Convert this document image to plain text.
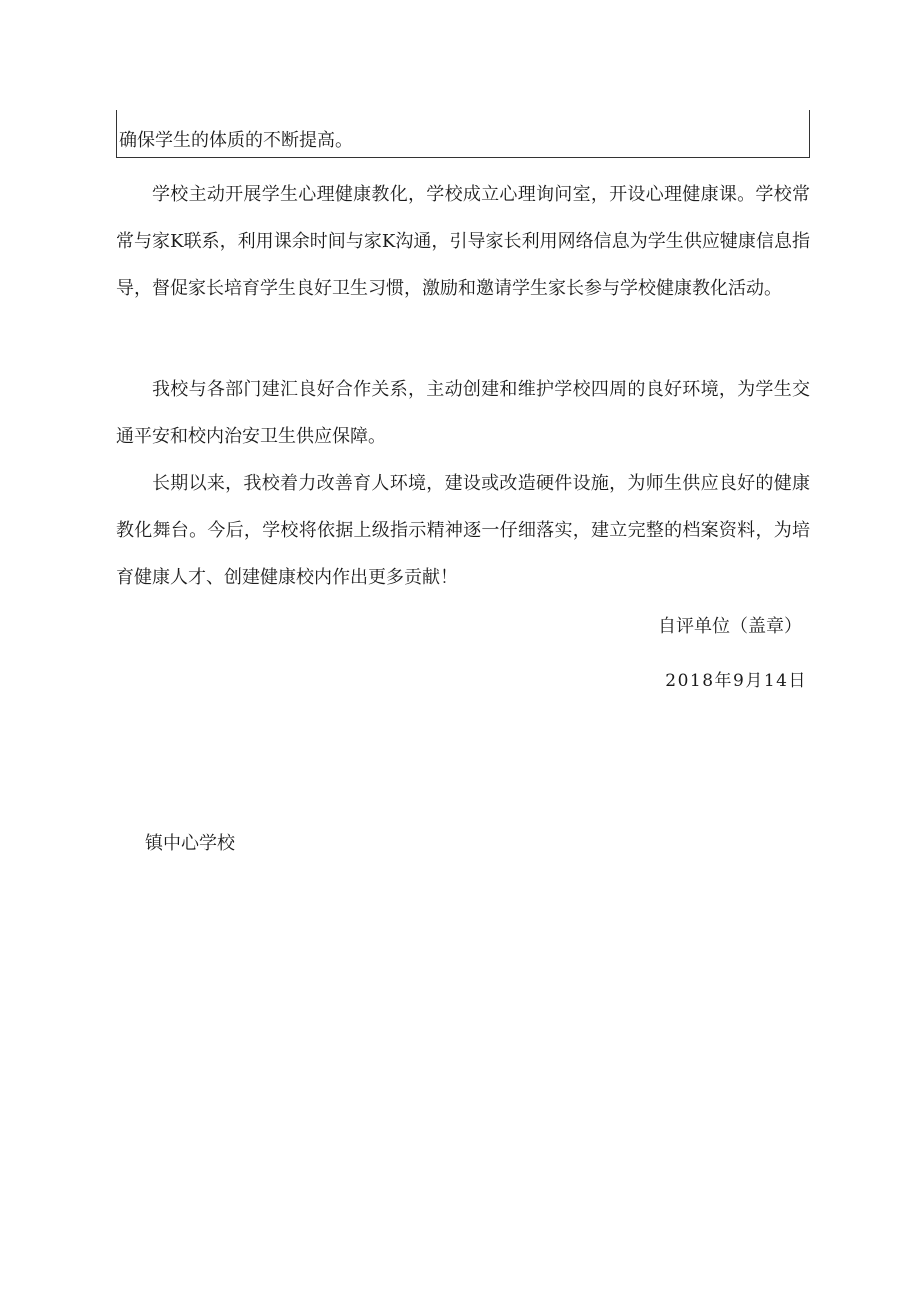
确保学生的体质的不断提高。

学校主动开展学生心理健康教化，学校成立心理询问室，开设心理健康课。学校常常与家K联系，利用课余时间与家K沟通，引导家长利用网络信息为学生供应犍康信息指导，督促家长培育学生良好卫生习惯，激励和邀请学生家长参与学校健康教化活动。

我校与各部门建汇良好合作关系，主动创建和维护学校四周的良好环境，为学生交通平安和校内治安卫生供应保障。

长期以来，我校着力改善育人环境，建设或改造硬件设施，为师生供应良好的健康教化舞台。今后，学校将依据上级指示精神逐一仔细落实，建立完整的档案资料，为培育健康人才、创建健康校内作出更多贡献！

自评单位（盖章）
2018年9月14日
镇中心学校
